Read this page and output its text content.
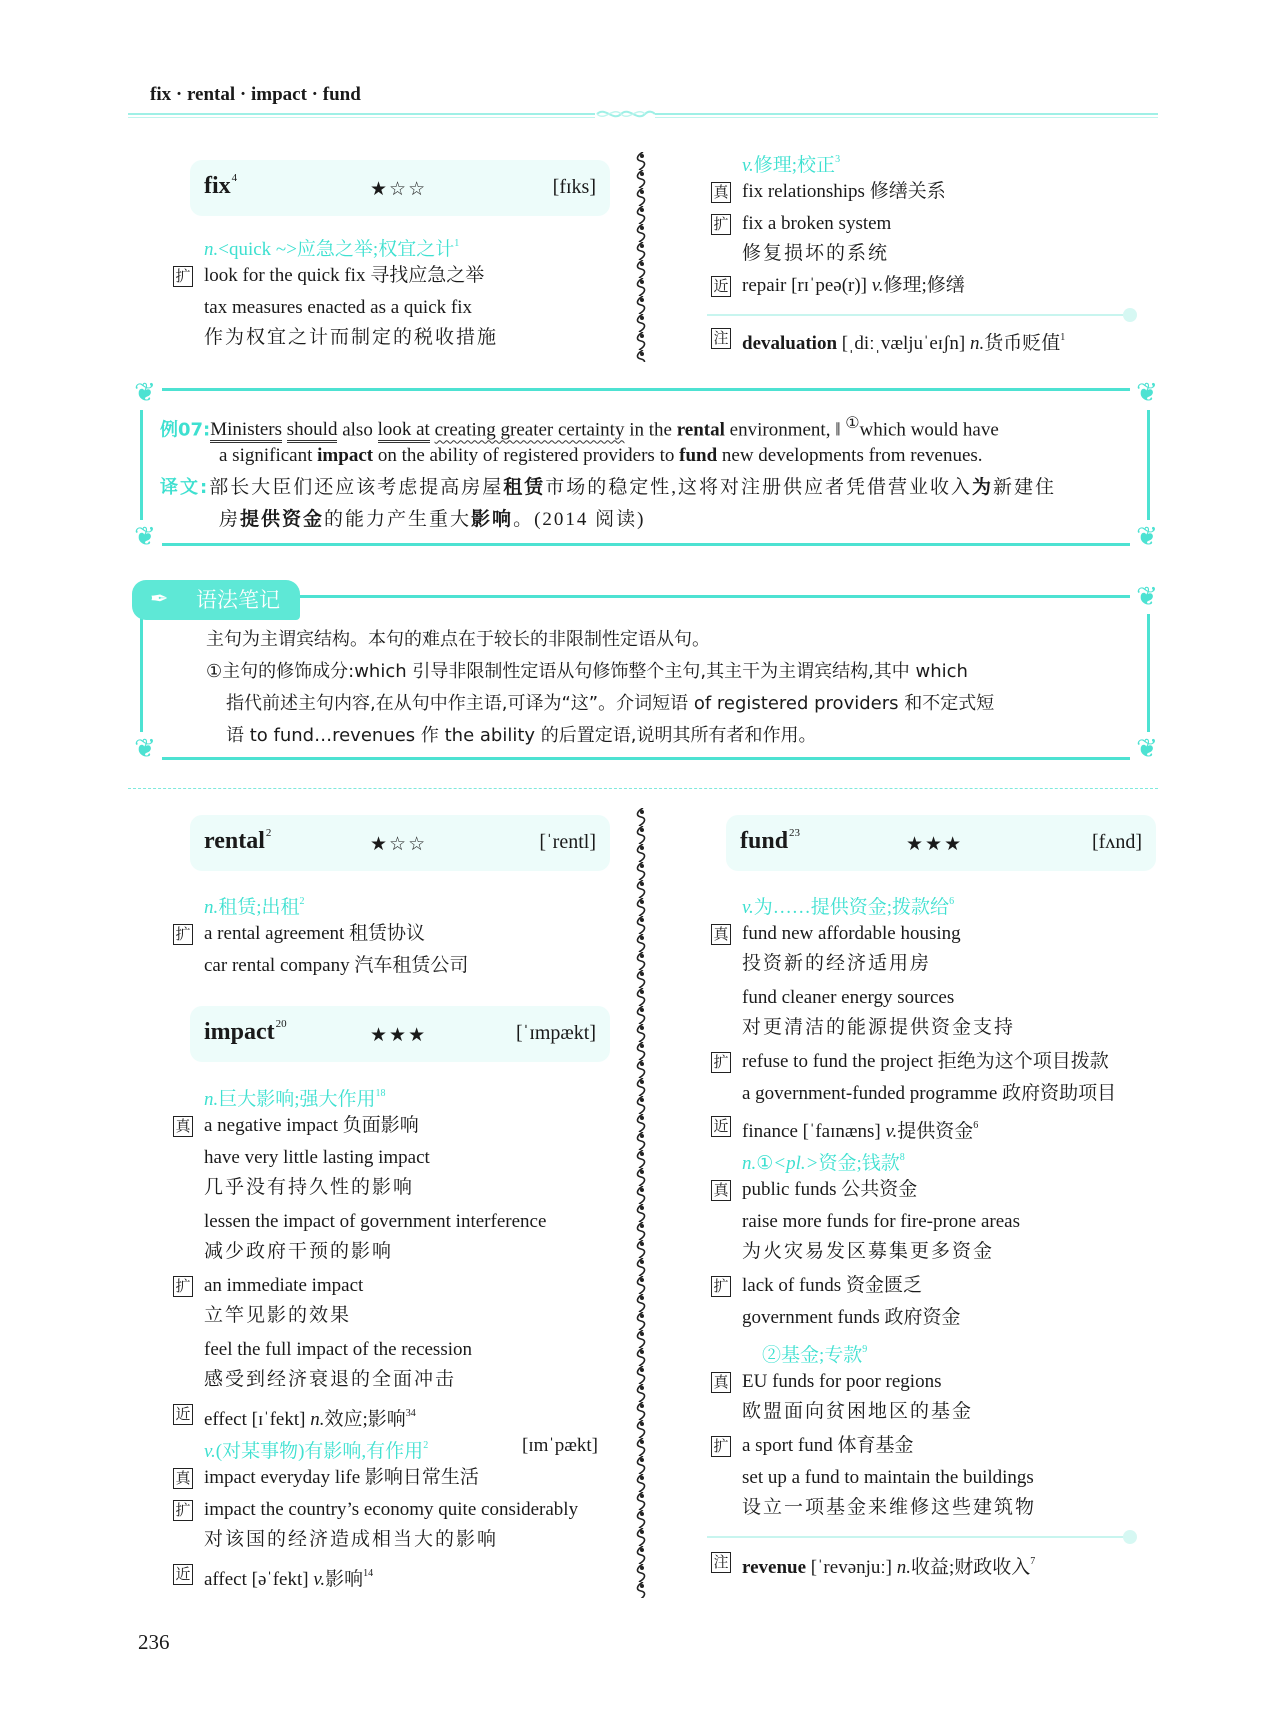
fix · rental · impact · fund
fix$^4$
★☆☆	[fɪks]
n.<quick ~>应急之举;权宜之计$^1$
扩 look for the quick fix 寻找应急之举
tax measures enacted as a quick fix
作为权宜之计而制定的税收措施
v.修理;校正$^3$
真 fix relationships 修缮关系
扩 fix a broken system
修复损坏的系统
近 repair [rɪˈpeə(r)] v.修理;修缮
注 devaluation [ˌdiːˌvæljuˈeɪʃn] n.货币贬值$^1$
❦	❦
❦	❦
例07:Ministers should also look at creating greater certainty in the rental environment, ‖ ①which would have
a significant impact on the ability of registered providers to fund new developments from revenues.
译文:部长大臣们还应该考虑提高房屋租赁市场的稳定性,这将对注册供应者凭借营业收入为新建住
房提供资金的能力产生重大影响。(2014 阅读)
✒ 语法笔记	❦
❦	❦
主句为主谓宾结构。本句的难点在于较长的非限制性定语从句。
①主句的修饰成分:which 引导非限制性定语从句修饰整个主句,其主干为主谓宾结构,其中 which
指代前述主句内容,在从句中作主语,可译为“这”。介词短语 of registered providers 和不定式短
语 to fund…revenues 作 the ability 的后置定语,说明其所有者和作用。
rental$^2$
★☆☆	[ˈrentl]
n.租赁;出租$^2$
扩 a rental agreement 租赁协议
car rental company 汽车租赁公司
impact$^{20}$
★★★	[ˈɪmpækt]
n.巨大影响;强大作用$^{18}$
真 a negative impact 负面影响
have very little lasting impact
几乎没有持久性的影响
lessen the impact of government interference
减少政府干预的影响
扩 an immediate impact
立竿见影的效果
feel the full impact of the recession
感受到经济衰退的全面冲击
近 effect [ɪˈfekt] n.效应;影响$^{34}$
v.(对某事物)有影响,有作用$^2$	[ɪmˈpækt]
真 impact everyday life 影响日常生活
扩 impact the country’s economy quite considerably
对该国的经济造成相当大的影响
近 affect [əˈfekt] v.影响$^{14}$
fund$^{23}$
★★★	[fʌnd]
v.为……提供资金;拨款给$^6$
真 fund new affordable housing
投资新的经济适用房
fund cleaner energy sources
对更清洁的能源提供资金支持
扩 refuse to fund the project 拒绝为这个项目拨款
a government-funded programme 政府资助项目
近 finance [ˈfaɪnæns] v.提供资金$^6$
n.①<pl.>资金;钱款$^8$
真 public funds 公共资金
raise more funds for fire-prone areas
为火灾易发区募集更多资金
扩 lack of funds 资金匮乏
government funds 政府资金
②基金;专款$^9$
真 EU funds for poor regions
欧盟面向贫困地区的基金
扩 a sport fund 体育基金
set up a fund to maintain the buildings
设立一项基金来维修这些建筑物
注 revenue [ˈrevənjuː] n.收益;财政收入$^7$
236
